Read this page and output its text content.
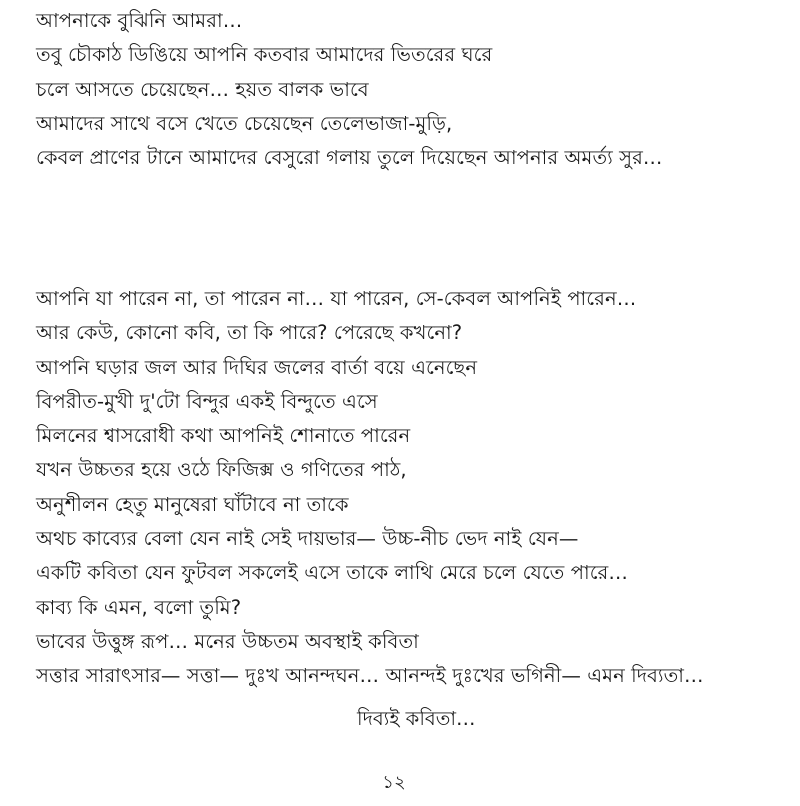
আপনাকে বুঝিনি আমরা…
তবু চৌকাঠ ডিঙিয়ে আপনি কতবার আমাদের ভিতরের ঘরে
চলে আসতে চেয়েছেন… হয়ত বালক ভাবে
আমাদের সাথে বসে খেতে চেয়েছেন তেলেভাজা-মুড়ি,
কেবল প্রাণের টানে আমাদের বেসুরো গলায় তুলে দিয়েছেন আপনার অমর্ত্য সুর…
আপনি যা পারেন না, তা পারেন না… যা পারেন, সে-কেবল আপনিই পারেন…
আর কেউ, কোনো কবি, তা কি পারে? পেরেছে কখনো?
আপনি ঘড়ার জল আর দিঘির জলের বার্তা বয়ে এনেছেন
বিপরীত-মুখী দু'টো বিন্দুর একই বিন্দুতে এসে
মিলনের শ্বাসরোধী কথা আপনিই শোনাতে পারেন
যখন উচ্চতর হয়ে ওঠে ফিজিক্স ও গণিতের পাঠ,
অনুশীলন হেতু মানুষেরা ঘাঁটাবে না তাকে
অথচ কাব্যের বেলা যেন নাই সেই দায়ভার— উচ্চ-নীচ ভেদ নাই যেন—
একটি কবিতা যেন ফুটবল সকলেই এসে তাকে লাথি মেরে চলে যেতে পারে…
কাব্য কি এমন, বলো তুমি?
ভাবের উত্তুঙ্গ রূপ… মনের উচ্চতম অবস্থাই কবিতা
সত্তার সারাৎসার— সত্তা— দুঃখ আনন্দঘন… আনন্দই দুঃখের ভগিনী— এমন দিব্যতা…
দিব্যই কবিতা…
১২
